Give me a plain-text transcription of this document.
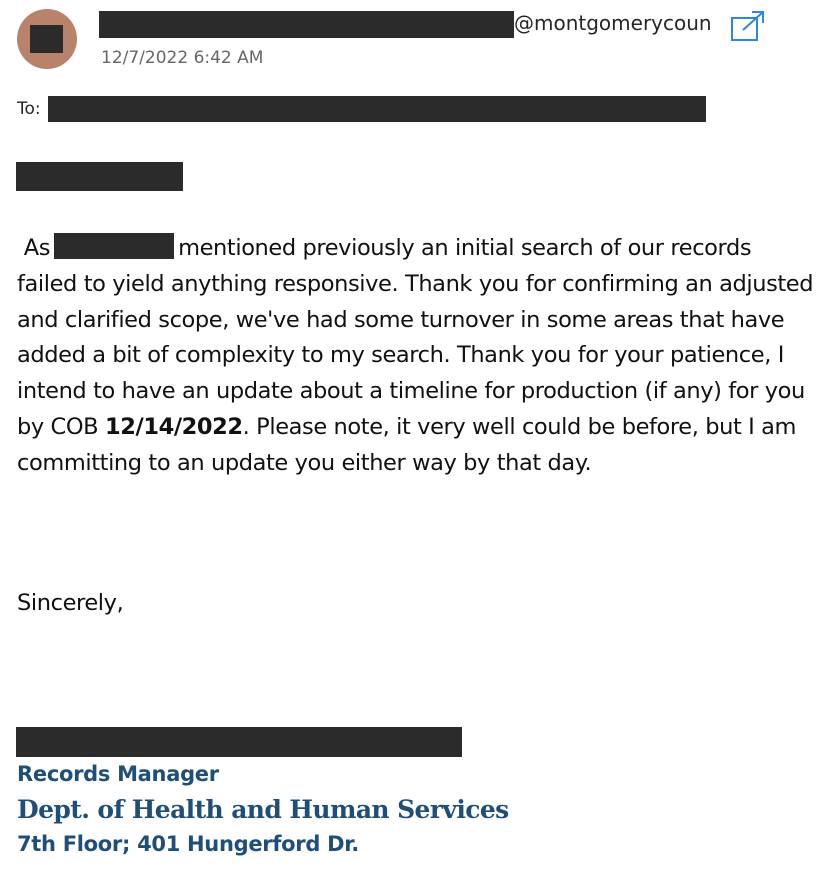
@montgomerycoun
12/7/2022 6:42 AM
To:
As	mentioned previously an initial search of our records failed to yield anything responsive. Thank you for confirming an adjusted and clarified scope, we've had some turnover in some areas that have added a bit of complexity to my search. Thank you for your patience, I intend to have an update about a timeline for production (if any) for you by COB 12/14/2022. Please note, it very well could be before, but I am committing to an update you either way by that day.
Sincerely,
Records Manager
Dept. of Health and Human Services
7th Floor; 401 Hungerford Dr.
